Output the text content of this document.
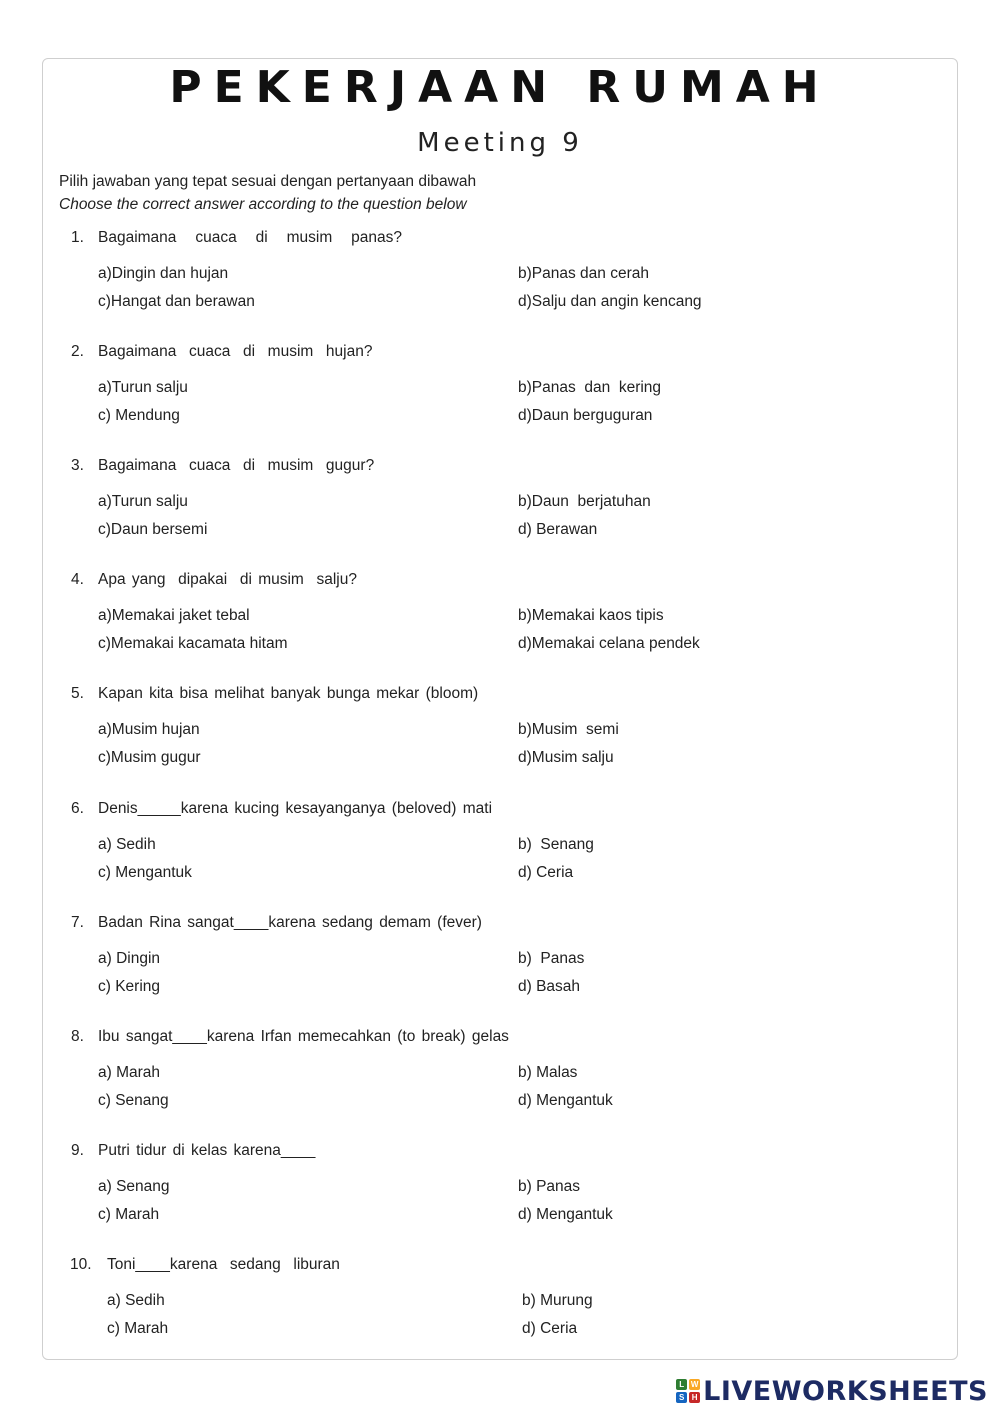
PEKERJAAN RUMAH
Meeting 9
Pilih jawaban yang tepat sesuai dengan pertanyaan dibawah
Choose the correct answer according to the question below
1. Bagaimana   cuaca   di   musim   panas?
a)Dingin dan hujan	b)Panas dan cerah
c)Hangat dan berawan	d)Salju dan angin kencang
2. Bagaimana  cuaca  di  musim  hujan?
a)Turun salju	b)Panas  dan  kering
c) Mendung	d)Daun berguguran
3. Bagaimana  cuaca  di  musim  gugur?
a)Turun salju	b)Daun  berjatuhan
c)Daun bersemi	d) Berawan
4. Apa yang  dipakai  di musim  salju?
a)Memakai jaket tebal	b)Memakai kaos tipis
c)Memakai kacamata hitam	d)Memakai celana pendek
5. Kapan kita bisa melihat banyak bunga mekar (bloom)
a)Musim hujan	b)Musim  semi
c)Musim gugur	d)Musim salju
6. Denis_____karena kucing kesayanganya (beloved) mati
a) Sedih	b)  Senang
c) Mengantuk	d) Ceria
7. Badan Rina sangat____karena sedang demam (fever)
a) Dingin	b)  Panas
c) Kering	d) Basah
8. Ibu sangat____karena Irfan memecahkan (to break) gelas
a) Marah	b) Malas
c) Senang	d) Mengantuk
9. Putri tidur di kelas karena____
a) Senang	b) Panas
c) Marah	d) Mengantuk
10. Toni____karena  sedang  liburan
a) Sedih	b) Murung
c) Marah	d) Ceria
L W
S H LIVEWORKSHEETS
